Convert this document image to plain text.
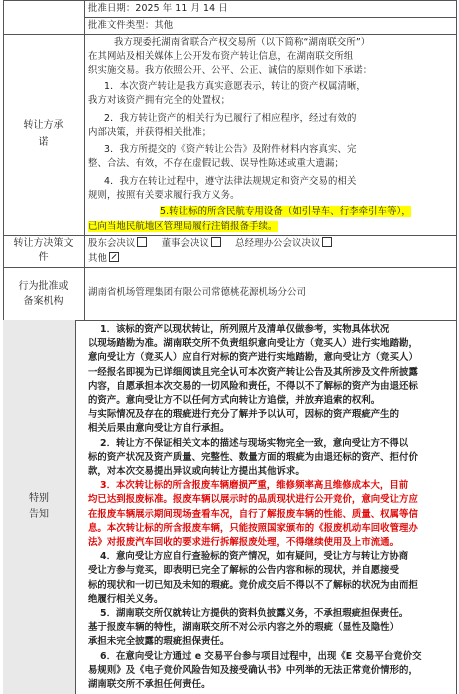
批准日期：2025 年 11 月 14 日
批准文件类型：其他
转让方承诺
我方现委托湖南省联合产权交易所（以下简称“湖南联交所”）
在其网站及相关媒体上公开发布资产转让信息，在湖南联交所组
织实施交易。我方依照公开、公平、公正、诚信的原则作如下承诺：
1．本次资产转让是我方真实意愿表示，转让的资产权属清晰，
我方对该资产拥有完全的处置权；
2．我方转让资产的相关行为已履行了相应程序，经过有效的
内部决策，并获得相关批准；
3．我方所提交的《资产转让公告》及附件材料内容真实、完
整、合法、有效，不存在虚假记载、误导性陈述或重大遗漏；
4．我方在转让过程中，遵守法律法规规定和资产交易的相关
规则，按照有关要求履行我方义务。
5.转让标的所含民航专用设备（如引导车、行李牵引车等），
已向当地民航地区管理局履行注销报备手续。
转让方决策文件
股东会决议	董事会决议	总经理办公会议决议
其他
行为批准或备案机构
湖南省机场管理集团有限公司常德桃花源机场分公司
特别告知
1．该标的资产以现状转让，所列照片及清单仅做参考，实物具体状况
以现场踏勘为准。湖南联交所不负责组织意向受让方（竞买人）进行实地踏勘，
意向受让方（竞买人）应自行对标的资产进行实地踏勘，意向受让方（竞买人）
一经报名即视为已详细阅读且完全认可本次资产转让公告及其所涉及文件所披露
内容，自愿承担本次交易的一切风险和责任，不得以不了解标的资产为由退还标
的资产。意向受让方不以任何方式向转让方追偿，并放弃追索的权利。
与实际情况及存在的瑕疵进行充分了解并予以认可，因标的资产瑕疵产生的
相关后果由意向受让方自行承担。
2．转让方不保证相关文本的描述与现场实物完全一致，意向受让方不得以
标的资产状况及资产质量、完整性、数量方面的瑕疵为由退还标的资产、拒付价
款，对本次交易提出异议或向转让方提出其他诉求。
3．本次转让标的所含报废车辆磨损严重，维修频率高且维修成本大，目前
均已达到报废标准。报废车辆以展示时的品质现状进行公开竞价，意向受让方应
在报废车辆展示期间现场查看车况，自行了解报废车辆的性能、质量、权属等信
息。本次转让标的所含报废车辆，只能按照国家颁布的《报废机动车回收管理办
法》对报废汽车回收的要求进行拆解报废处理，不得继续使用及上市流通。
4．意向受让方应自行查验标的资产情况，如有疑问，受让方与转让方协商
受让方参与竞买，即表明已完全了解标的公告内容和标的现状，并自愿接受
标的现状和一切已知及未知的瑕疵。竞价成交后不得以不了解标的状况为由而拒
绝履行相关义务。
5．湖南联交所仅就转让方提供的资料负披露义务，不承担瑕疵担保责任。
基于报废车辆的特性，湖南联交所不对公示内容之外的瑕疵（显性及隐性）
承担未完全披露的瑕疵担保责任。
6．在意向受让方通过 e 交易平台参与项目过程中，出现《E 交易平台竞价交
易规则》及《电子竞价风险告知及接受确认书》中列举的无法正常竞价情形的，
湖南联交所不承担任何责任。
